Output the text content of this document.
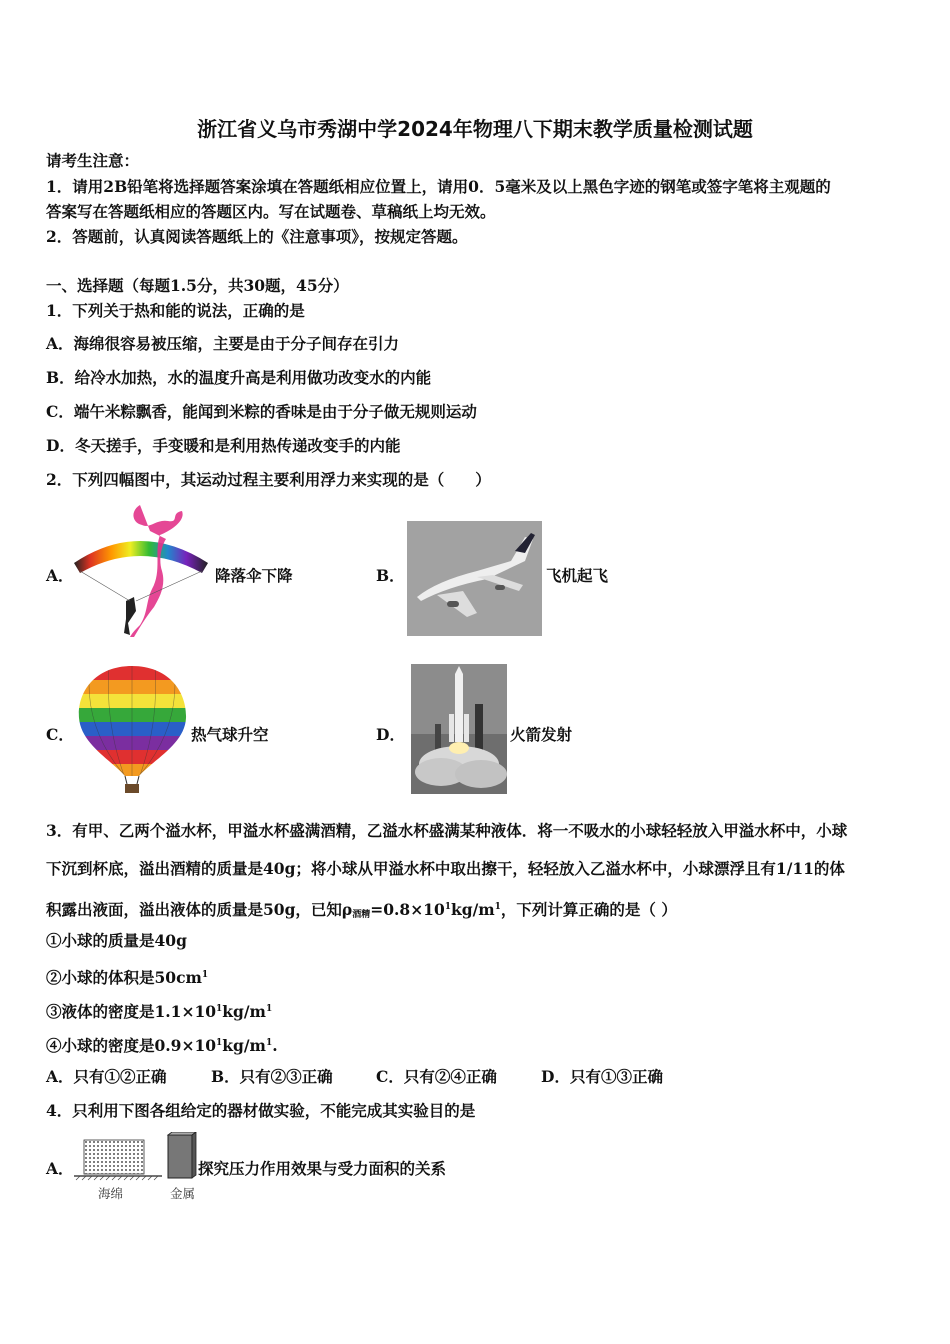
浙江省义乌市秀湖中学2024年物理八下期末教学质量检测试题
请考生注意：
1．请用2B铅笔将选择题答案涂填在答题纸相应位置上，请用0．5毫米及以上黑色字迹的钢笔或签字笔将主观题的
答案写在答题纸相应的答题区内。写在试题卷、草稿纸上均无效。
2．答题前，认真阅读答题纸上的《注意事项》，按规定答题。
一、选择题（每题1.5分，共30题，45分）
1．下列关于热和能的说法，正确的是
A．海绵很容易被压缩，主要是由于分子间存在引力
B．给冷水加热，水的温度升高是利用做功改变水的内能
C．端午米粽飘香，能闻到米粽的香味是由于分子做无规则运动
D．冬天搓手，手变暖和是利用热传递改变手的内能
2．下列四幅图中，其运动过程主要利用浮力来实现的是（　　）
A．	降落伞下降	B．	飞机起飞
C．	热气球升空	D．	火箭发射
3．有甲、乙两个溢水杯，甲溢水杯盛满酒精，乙溢水杯盛满某种液体．将一不吸水的小球轻轻放入甲溢水杯中，小球
下沉到杯底，溢出酒精的质量是40g；将小球从甲溢水杯中取出擦干，轻轻放入乙溢水杯中，小球漂浮且有1/11的体
积露出液面，溢出液体的质量是50g，已知$\rho_{酒精}=0.8\times 10^1kg/m^1$，下列计算正确的是（ ）
①小球的质量是40g
②小球的体积是$50cm^1$
③液体的密度是$1.1\times 10^1kg/m^1$
④小球的密度是$0.9\times 10^1kg/m^1$.
A．只有①②正确	B．只有②③正确	C．只有②④正确	D．只有①③正确
4．只利用下图各组给定的器材做实验，不能完成其实验目的是
A．
海绵	金属
探究压力作用效果与受力面积的关系
